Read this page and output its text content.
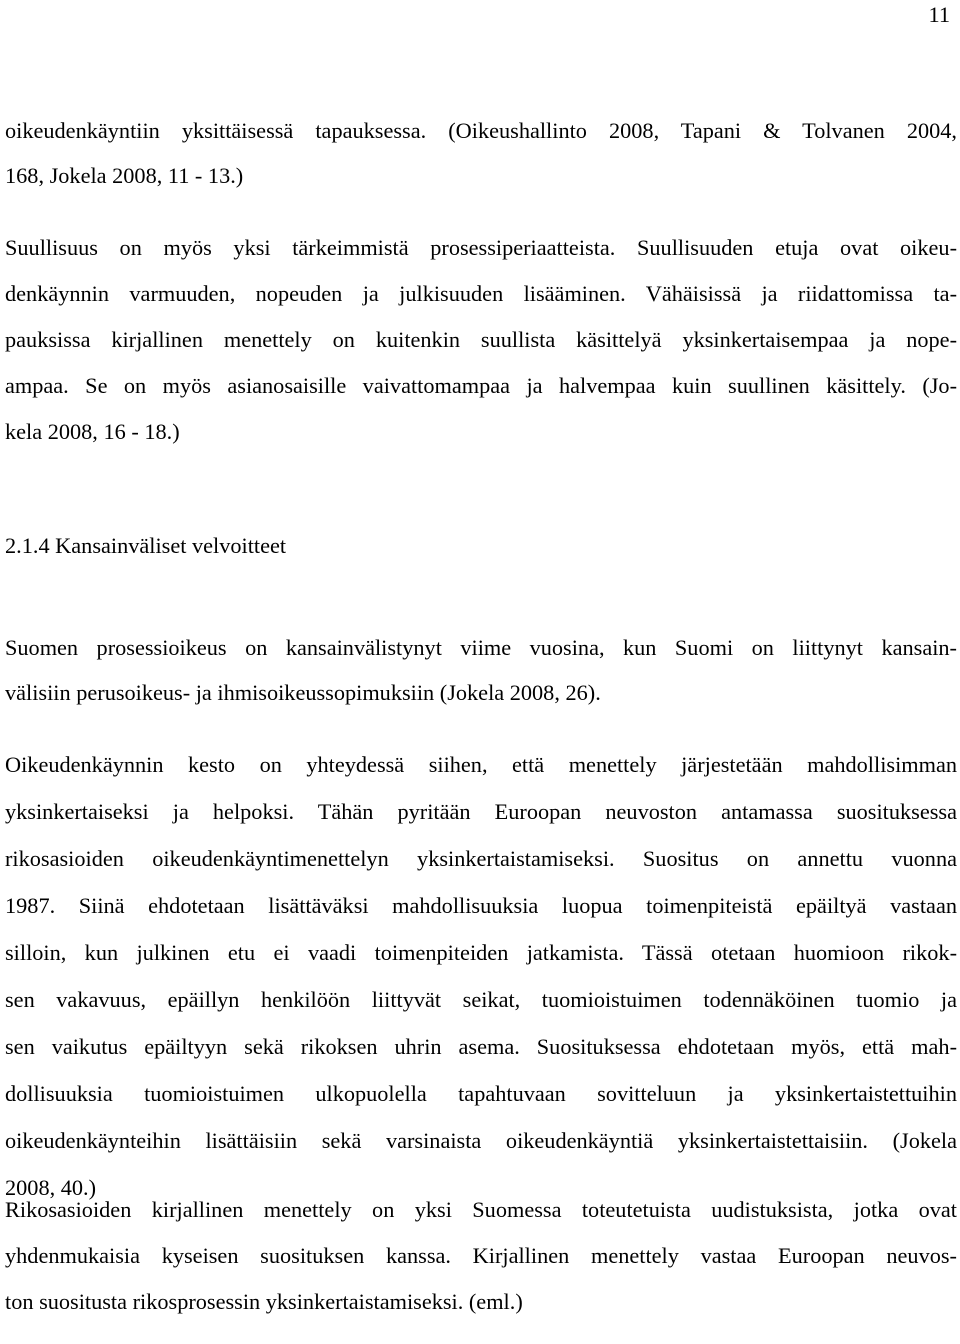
11

oikeudenkäyntiin yksittäisessä tapauksessa. (Oikeushallinto 2008, Tapani & Tolvanen 2004,
168, Jokela 2008, 11 - 13.)

Suullisuus on myös yksi tärkeimmistä prosessiperiaatteista. Suullisuuden etuja ovat oikeu-
denkäynnin varmuuden, nopeuden ja julkisuuden lisääminen. Vähäisissä ja riidattomissa ta-
pauksissa kirjallinen menettely on kuitenkin suullista käsittelyä yksinkertaisempaa ja nope-
ampaa. Se on myös asianosaisille vaivattomampaa ja halvempaa kuin suullinen käsittely. (Jo-
kela 2008, 16 - 18.)

2.1.4 Kansainväliset velvoitteet

Suomen prosessioikeus on kansainvälistynyt viime vuosina, kun Suomi on liittynyt kansain-
välisiin perusoikeus- ja ihmisoikeussopimuksiin (Jokela 2008, 26).

Oikeudenkäynnin kesto on yhteydessä siihen, että menettely järjestetään mahdollisimman
yksinkertaiseksi ja helpoksi. Tähän pyritään Euroopan neuvoston antamassa suosituksessa
rikosasioiden oikeudenkäyntimenettelyn yksinkertaistamiseksi. Suositus on annettu vuonna
1987. Siinä ehdotetaan lisättäväksi mahdollisuuksia luopua toimenpiteistä epäiltyä vastaan
silloin, kun julkinen etu ei vaadi toimenpiteiden jatkamista. Tässä otetaan huomioon rikok-
sen vakavuus, epäillyn henkilöön liittyvät seikat, tuomioistuimen todennäköinen tuomio ja
sen vaikutus epäiltyyn sekä rikoksen uhrin asema. Suosituksessa ehdotetaan myös, että mah-
dollisuuksia tuomioistuimen ulkopuolella tapahtuvaan sovitteluun ja yksinkertaistettuihin
oikeudenkäynteihin lisättäisiin sekä varsinaista oikeudenkäyntiä yksinkertaistettaisiin. (Jokela
2008, 40.)

Rikosasioiden kirjallinen menettely on yksi Suomessa toteutetuista uudistuksista, jotka ovat
yhdenmukaisia kyseisen suosituksen kanssa. Kirjallinen menettely vastaa Euroopan neuvos-
ton suositusta rikosprosessin yksinkertaistamiseksi. (eml.)
